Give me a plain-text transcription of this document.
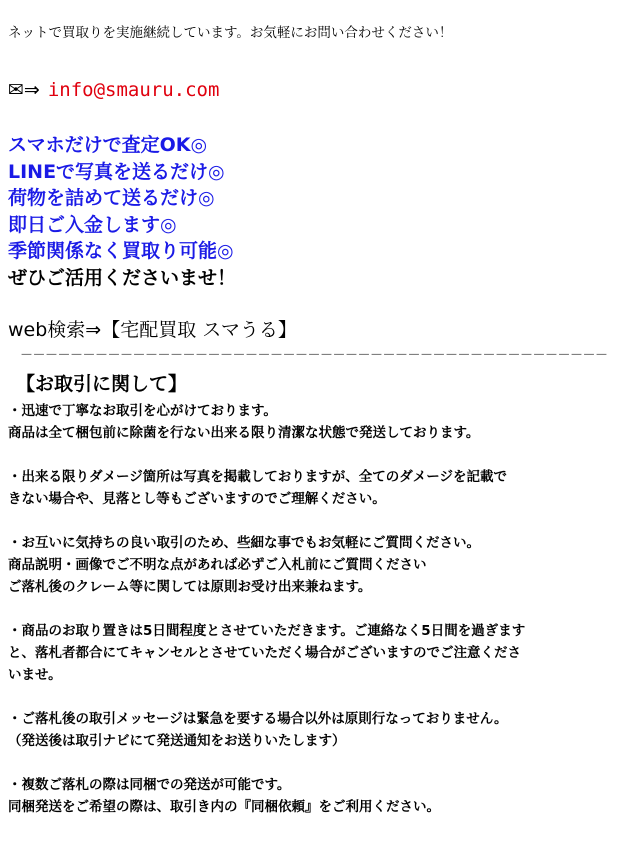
－－－－－－－－－－－－－－－－－－－－－－－－－－－－－－－－－－－－－－－－－－－－－－－
ネットで買取りを実施継続しています。お気軽にお問い合わせください！
✉⇒ info@smauru.com
スマホだけで査定OK◎
LINEで写真を送るだけ◎
荷物を詰めて送るだけ◎
即日ご入金します◎
季節関係なく買取り可能◎
ぜひご活用くださいませ！
web検索⇒【宅配買取 スマうる】
－－－－－－－－－－－－－－－－－－－－－－－－－－－－－－－－－－－－－－－－－－－－－－－
【お取引に関して】
・迅速で丁寧なお取引を心がけております。
商品は全て梱包前に除菌を行ない出来る限り清潔な状態で発送しております。
・出来る限りダメージ箇所は写真を掲載しておりますが、全てのダメージを記載で
きない場合や、見落とし等もございますのでご理解ください。
・お互いに気持ちの良い取引のため、些細な事でもお気軽にご質問ください。
商品説明・画像でご不明な点があれば必ずご入札前にご質問ください
ご落札後のクレーム等に関しては原則お受け出来兼ねます。
・商品のお取り置きは5日間程度とさせていただきます。ご連絡なく5日間を過ぎます
と、落札者都合にてキャンセルとさせていただく場合がございますのでご注意くださ
いませ。
・ご落札後の取引メッセージは緊急を要する場合以外は原則行なっておりません。
（発送後は取引ナビにて発送通知をお送りいたします）
・複数ご落札の際は同梱での発送が可能です。
同梱発送をご希望の際は、取引き内の『同梱依頼』をご利用ください。
